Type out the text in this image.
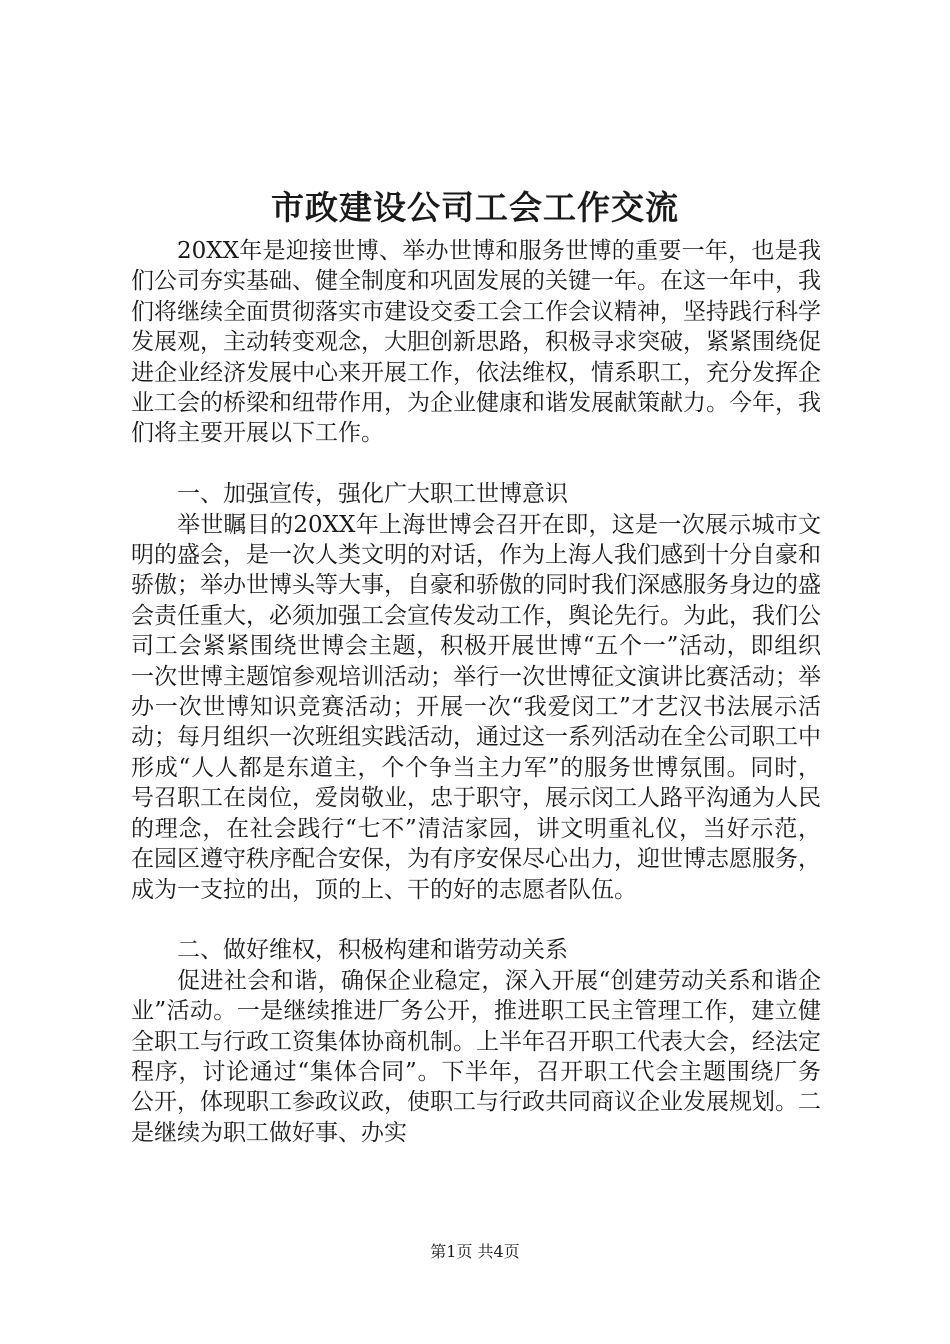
市政建设公司工会工作交流

20XX年是迎接世博、举办世博和服务世博的重要一年，也是我们公司夯实基础、健全制度和巩固发展的关键一年。在这一年中，我们将继续全面贯彻落实市建设交委工会工作会议精神，坚持践行科学发展观，主动转变观念，大胆创新思路，积极寻求突破，紧紧围绕促进企业经济发展中心来开展工作，依法维权，情系职工，充分发挥企业工会的桥梁和纽带作用，为企业健康和谐发展献策献力。今年，我们将主要开展以下工作。

一、加强宣传，强化广大职工世博意识

举世瞩目的20XX年上海世博会召开在即，这是一次展示城市文明的盛会，是一次人类文明的对话，作为上海人我们感到十分自豪和骄傲；举办世博头等大事，自豪和骄傲的同时我们深感服务身边的盛会责任重大，必须加强工会宣传发动工作，舆论先行。为此，我们公司工会紧紧围绕世博会主题，积极开展世博“五个一”活动，即组织一次世博主题馆参观培训活动；举行一次世博征文演讲比赛活动；举办一次世博知识竞赛活动；开展一次“我爱闵工”才艺汉书法展示活动；每月组织一次班组实践活动，通过这一系列活动在全公司职工中形成“人人都是东道主，个个争当主力军”的服务世博氛围。同时，号召职工在岗位，爱岗敬业，忠于职守，展示闵工人路平沟通为人民的理念，在社会践行“七不”清洁家园，讲文明重礼仪，当好示范，在园区遵守秩序配合安保，为有序安保尽心出力，迎世博志愿服务，成为一支拉的出，顶的上、干的好的志愿者队伍。

二、做好维权，积极构建和谐劳动关系

促进社会和谐，确保企业稳定，深入开展“创建劳动关系和谐企业”活动。一是继续推进厂务公开，推进职工民主管理工作，建立健全职工与行政工资集体协商机制。上半年召开职工代表大会，经法定程序，讨论通过“集体合同”。下半年，召开职工代会主题围绕厂务公开，体现职工参政议政，使职工与行政共同商议企业发展规划。二是继续为职工做好事、办实

第1页 共4页
